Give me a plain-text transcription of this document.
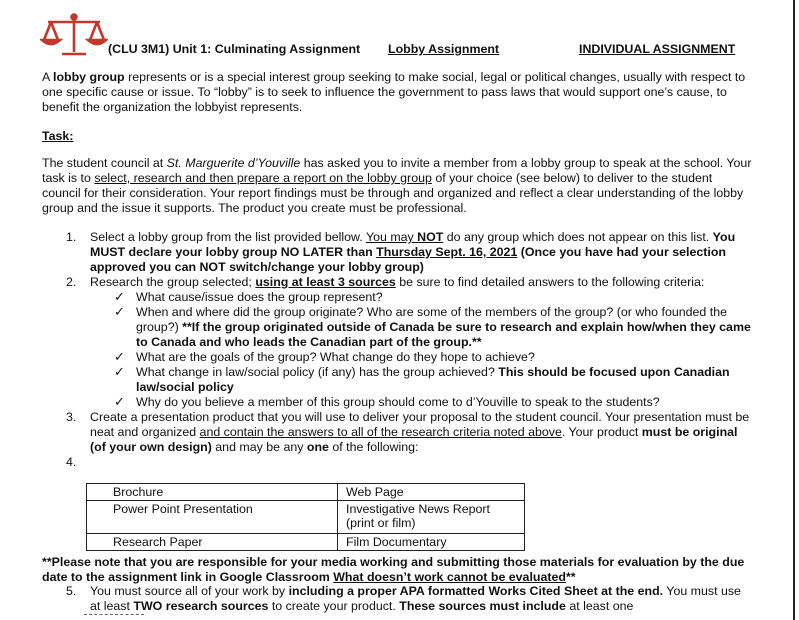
(CLU 3M1) Unit 1: Culminating Assignment Lobby Assignment	INDIVIDUAL ASSIGNMENT
A lobby group represents or is a special interest group seeking to make social, legal or political changes, usually with respect to one specific cause or issue. To “lobby” is to seek to influence the government to pass laws that would support one’s cause, to benefit the organization the lobbyist represents.
Task:
The student council at St. Marguerite d’Youville has asked you to invite a member from a lobby group to speak at the school. Your task is to select, research and then prepare a report on the lobby group of your choice (see below) to deliver to the student council for their consideration. Your report findings must be through and organized and reflect a clear understanding of the lobby group and the issue it supports. The product you create must be professional.
1. Select a lobby group from the list provided bellow. You may NOT do any group which does not appear on this list. You MUST declare your lobby group NO LATER than Thursday Sept. 16, 2021 (Once you have had your selection approved you can NOT switch/change your lobby group)
2. Research the group selected; using at least 3 sources be sure to find detailed answers to the following criteria:
✓ What cause/issue does the group represent?
✓ When and where did the group originate? Who are some of the members of the group? (or who founded the group?) **If the group originated outside of Canada be sure to research and explain how/when they came to Canada and who leads the Canadian part of the group.**
✓ What are the goals of the group? What change do they hope to achieve?
✓ What change in law/social policy (if any) has the group achieved? This should be focused upon Canadian law/social policy
✓ Why do you believe a member of this group should come to d’Youville to speak to the students?
3. Create a presentation product that you will use to deliver your proposal to the student council. Your presentation must be neat and organized and contain the answers to all of the research criteria noted above. Your product must be original (of your own design) and may be any one of the following:
4.
Brochure	Web Page
Power Point Presentation	Investigative News Report (print or film)
Research Paper	Film Documentary
**Please note that you are responsible for your media working and submitting those materials for evaluation by the due date to the assignment link in Google Classroom What doesn’t work cannot be evaluated**
5. You must source all of your work by including a proper APA formatted Works Cited Sheet at the end. You must use at least TWO research sources to create your product. These sources must include at least one
